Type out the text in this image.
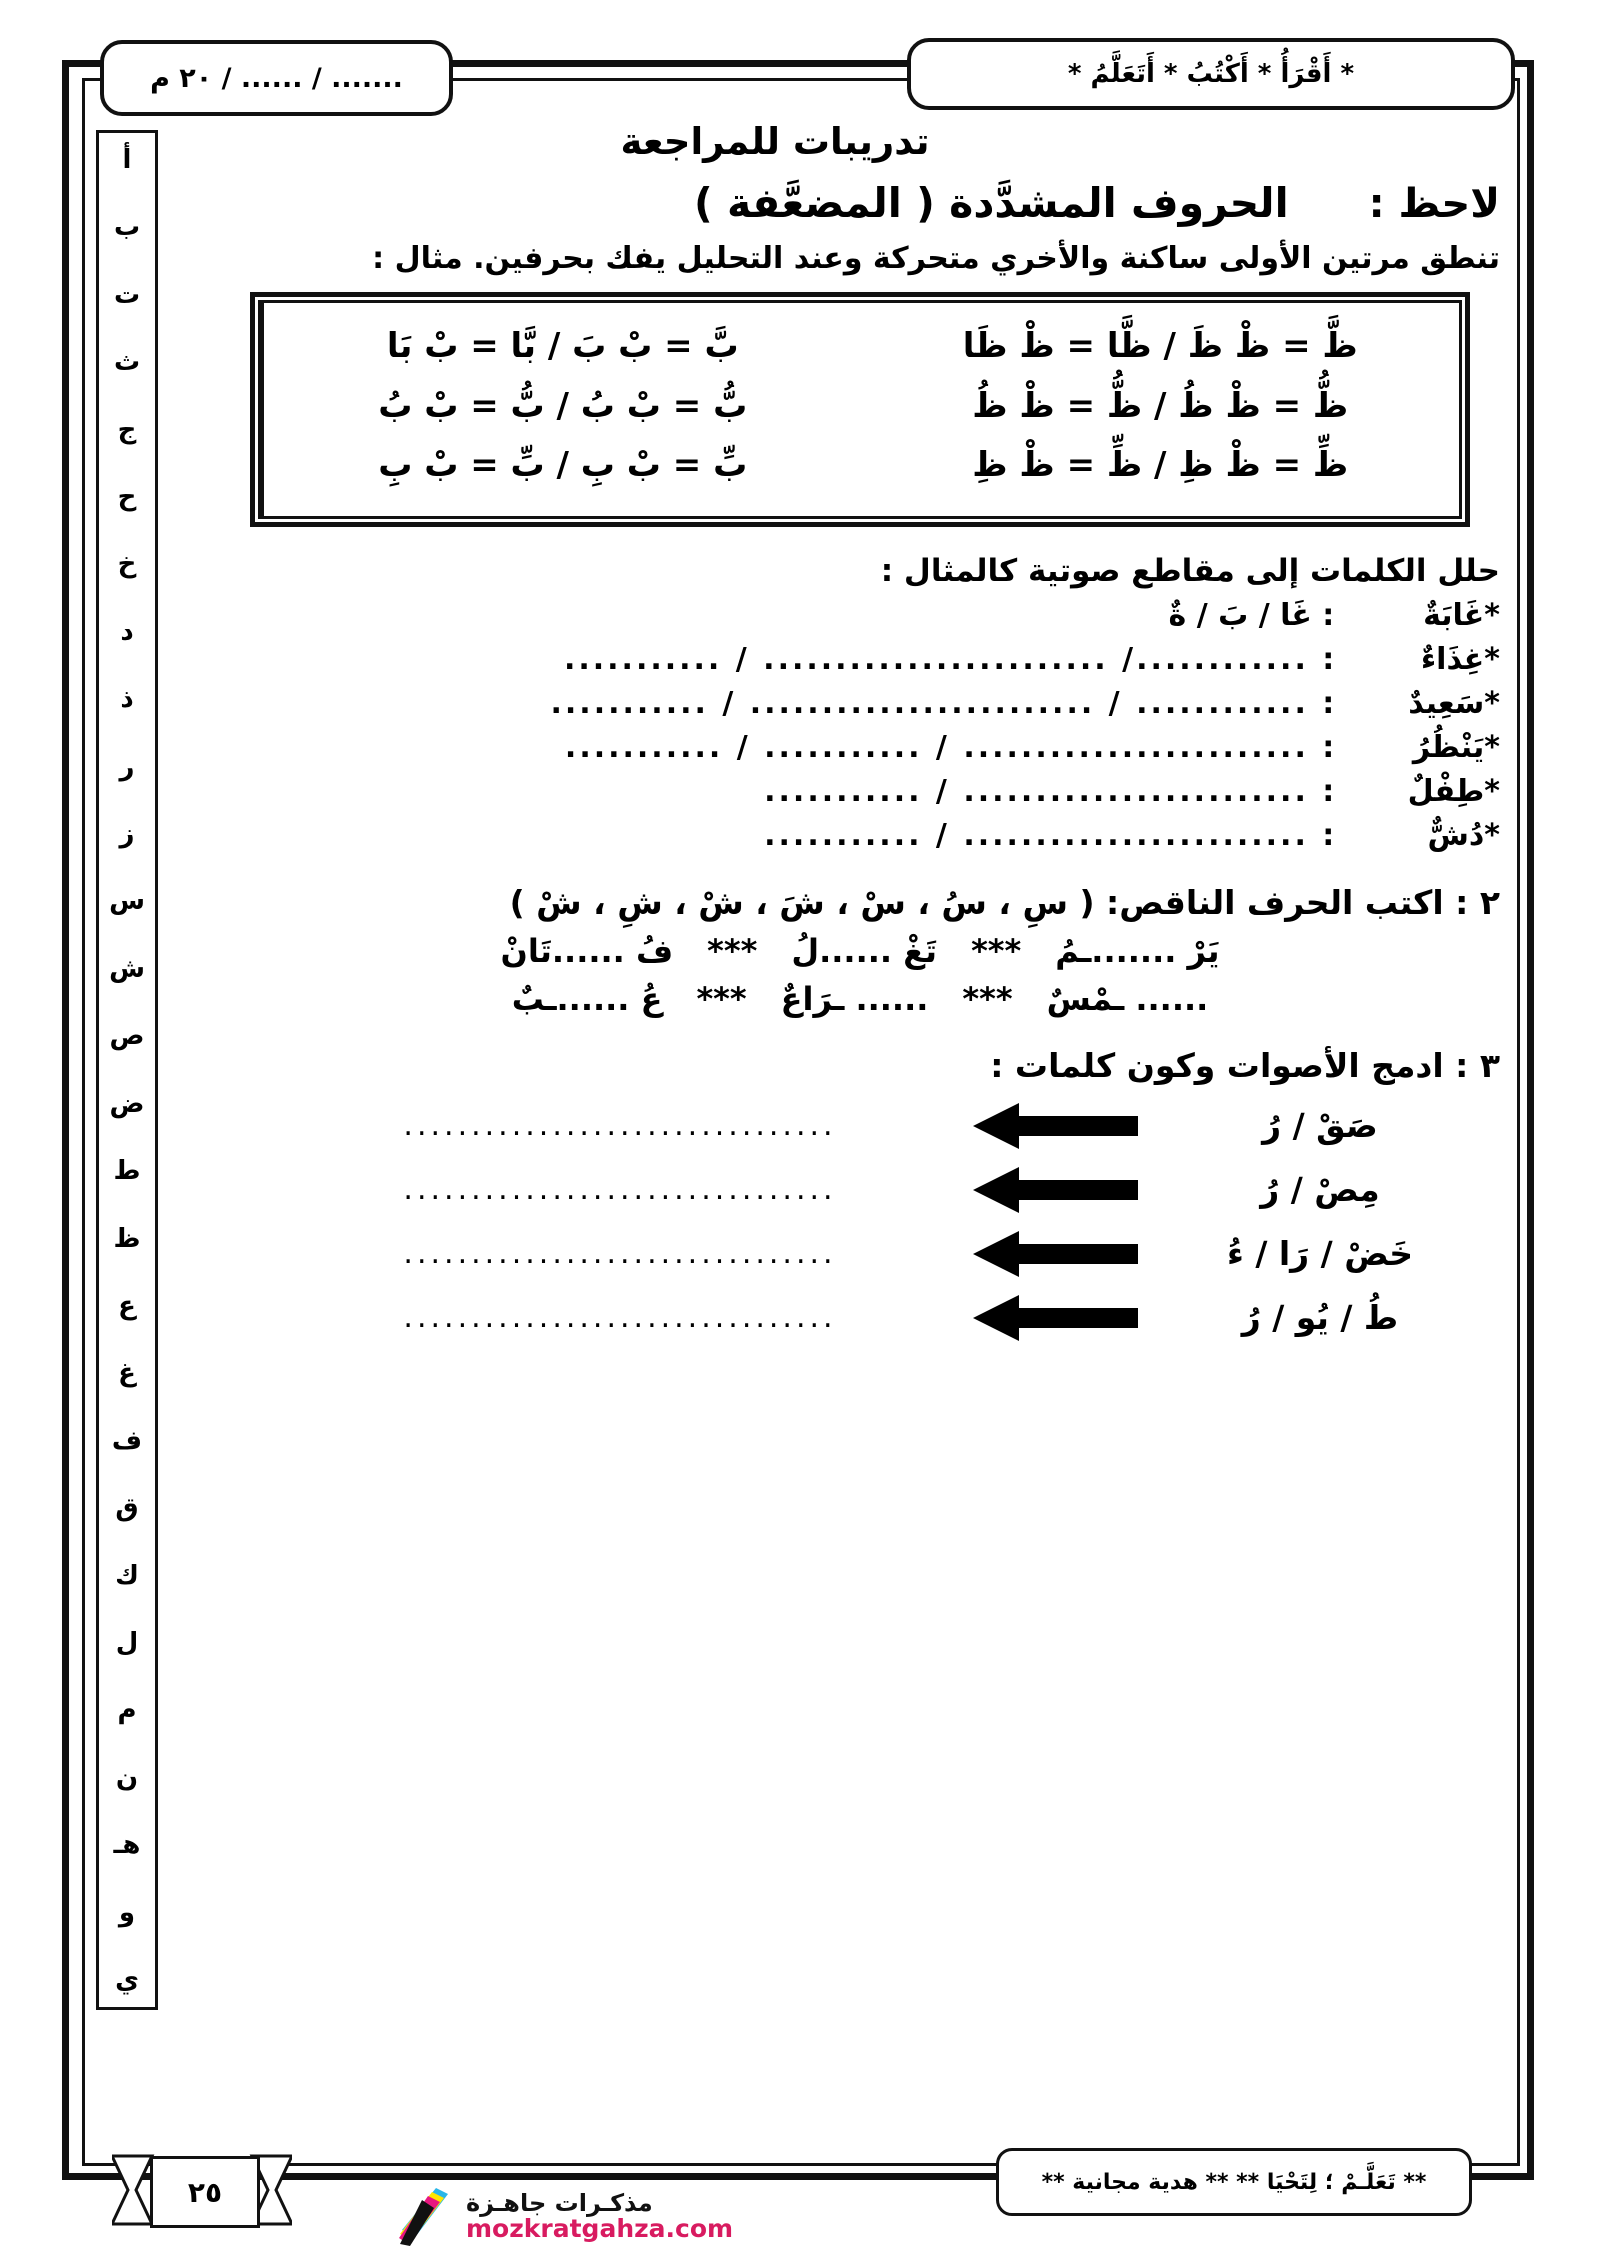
....... / ...... / ٢٠ م	* أَقْرَأُ * أَكْتُبُ * أَتَعَلَّمُ *
أ
ب
ت
ث
ج
ح
خ
د
ذ
ر
ز
س
ش
ص
ض
ط
ظ
ع
غ
ف
ق
ك
ل
م
ن
هـ
و
ي
تدريبات للمراجعة
لاحظ :
الحروف المشدَّدة ( المضعَّفة )
تنطق مرتين الأولى ساكنة والأخري متحركة وعند التحليل يفك بحرفين. مثال :
ظَّ = ظْ ظَ / ظَّا = ظْ ظَا
ظُّ = ظْ ظُ / ظُّ = ظْ ظُ
ظِّ = ظْ ظِ / ظِّ = ظْ ظِ
بَّ = بْ بَ / بَّا = بْ بَا
بُّ = بْ بُ / بُّ = بْ بُ
بِّ = بْ بِ / بِّ = بْ بِ
حلل الكلمات إلى مقاطع صوتية كالمثال :
*غَابَةٌ: غَا / بَ / ةٌ
*غِذَاءٌ: ............/ ........................ / ...........
*سَعِيدٌ: ............ / ........................ / ...........
*يَنْظُرُ: ........................ / ........... / ...........
*طِفْلٌ: ........................ / ...........
*دُشٌّ: ........................ / ...........
٢ : اكتب الحرف الناقص: ( سِ ، سُ ، سْ ، شَ ، شْ ، شِ ، شْ )
يَرْ .......ـمُ***تَغْ ......لُ***فُ ......تَانْ
...... ـمْسٌ***...... ـرَاعٌ***عُ ......ـبٌ
٣ : ادمج الأصوات وكون كلمات :
صَقْ / رُ
................................
مِصْ / رُ
................................
خَضْ / رَا / ءُ
................................
طُ / يُو / رُ
................................
٢٥	** تَعَلَّـمْ ؛ لِتَحْيَا ** ** هدية مجانية **
مذكـرات جاهـزة
mozkratgahza.com
